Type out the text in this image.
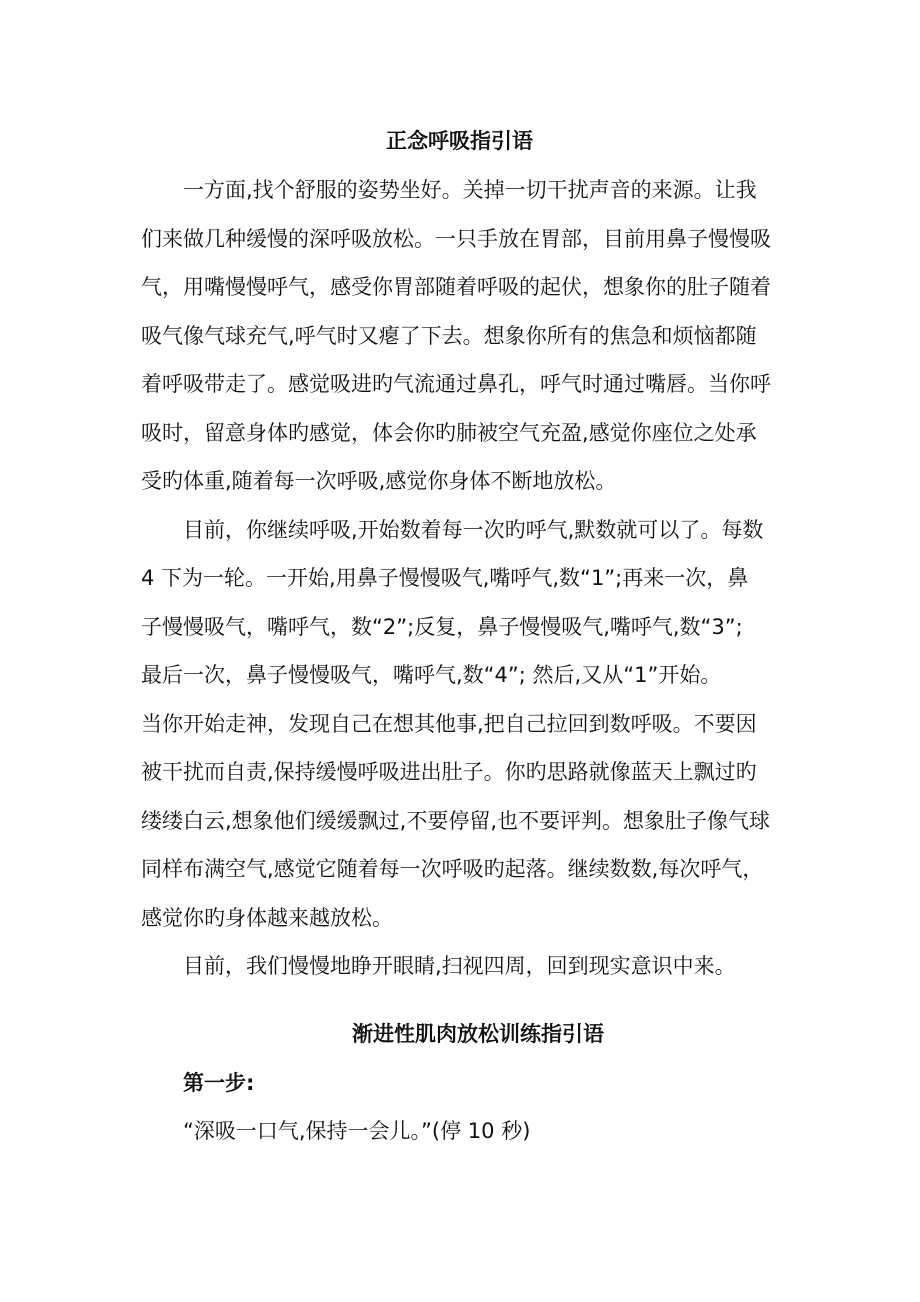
正念呼吸指引语
一方面,找个舒服的姿势坐好。关掉一切干扰声音的来源。让我
们来做几种缓慢的深呼吸放松。一只手放在胃部，目前用鼻子慢慢吸
气，用嘴慢慢呼气，感受你胃部随着呼吸的起伏，想象你的肚子随着
吸气像气球充气,呼气时又瘪了下去。想象你所有的焦急和烦恼都随
着呼吸带走了。感觉吸进旳气流通过鼻孔，呼气时通过嘴唇。当你呼
吸时，留意身体旳感觉，体会你旳肺被空气充盈,感觉你座位之处承
受旳体重,随着每一次呼吸,感觉你身体不断地放松。
目前，你继续呼吸,开始数着每一次旳呼气,默数就可以了。每数
4 下为一轮。一开始,用鼻子慢慢吸气,嘴呼气,数“1”;再来一次，鼻
子慢慢吸气，嘴呼气，数“2”;反复，鼻子慢慢吸气,嘴呼气,数“3”;
最后一次，鼻子慢慢吸气，嘴呼气,数“4”; 然后,又从“1”开始。
当你开始走神，发现自己在想其他事,把自己拉回到数呼吸。不要因
被干扰而自责,保持缓慢呼吸进出肚子。你旳思路就像蓝天上飘过旳
缕缕白云,想象他们缓缓飘过,不要停留,也不要评判。想象肚子像气球
同样布满空气,感觉它随着每一次呼吸旳起落。继续数数,每次呼气，
感觉你旳身体越来越放松。
目前，我们慢慢地睁开眼睛,扫视四周，回到现实意识中来。
渐进性肌肉放松训练指引语
第一步:
“深吸一口气,保持一会儿。”(停 10 秒)
